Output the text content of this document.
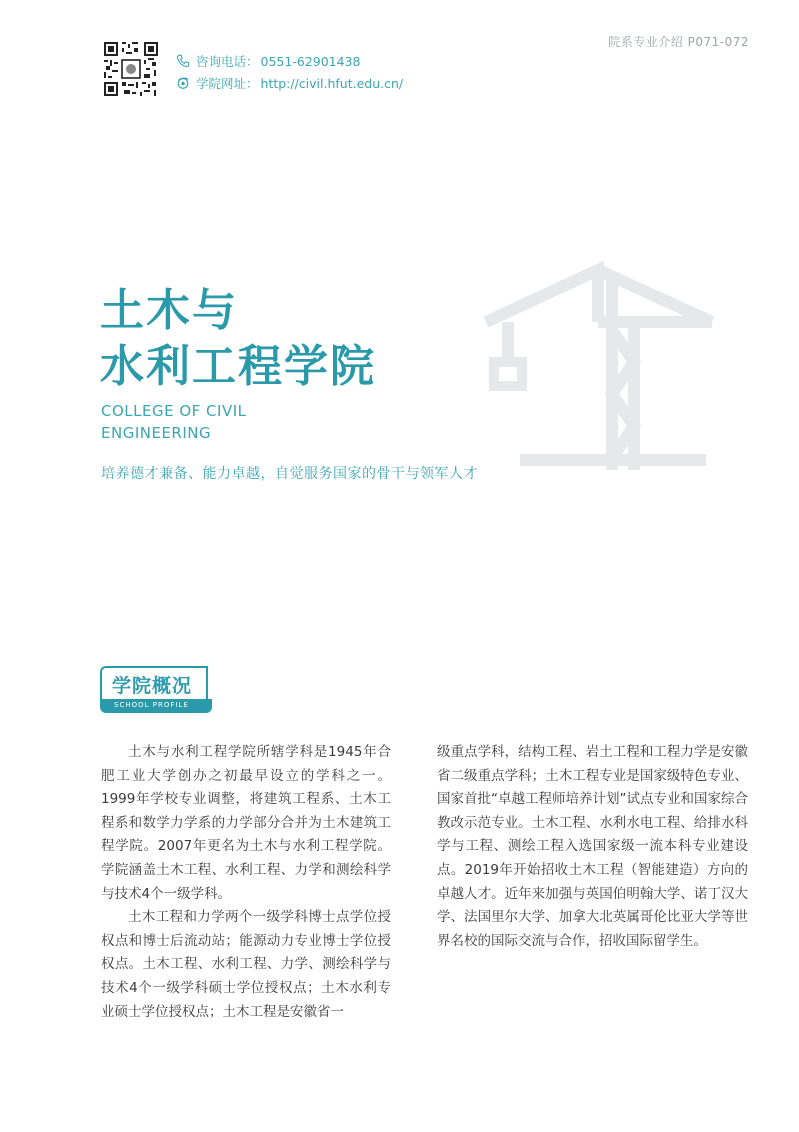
院系专业介绍 P071-072
咨询电话： 0551-62901438
学院网址： http://civil.hfut.edu.cn/
土木与
水利工程学院
COLLEGE OF CIVIL
ENGINEERING
培养德才兼备、能力卓越，自觉服务国家的骨干与领军人才
学院概况
SCHOOL PROFILE

土木与水利工程学院所辖学科是1945年合肥工业大学创办之初最早设立的学科之一。1999年学校专业调整，将建筑工程系、土木工程系和数学力学系的力学部分合并为土木建筑工程学院。2007年更名为土木与水利工程学院。学院涵盖土木工程、水利工程、力学和测绘科学与技术4个一级学科。

土木工程和力学两个一级学科博士点学位授权点和博士后流动站；能源动力专业博士学位授权点。土木工程、水利工程、力学、测绘科学与技术4个一级学科硕士学位授权点；土木水利专业硕士学位授权点；土木工程是安徽省一

级重点学科，结构工程、岩土工程和工程力学是安徽省二级重点学科；土木工程专业是国家级特色专业、国家首批“卓越工程师培养计划”试点专业和国家综合教改示范专业。土木工程、水利水电工程、给排水科学与工程、测绘工程入选国家级一流本科专业建设点。2019年开始招收土木工程（智能建造）方向的卓越人才。近年来加强与英国伯明翰大学、诺丁汉大学、法国里尔大学、加拿大北英属哥伦比亚大学等世界名校的国际交流与合作，招收国际留学生。
